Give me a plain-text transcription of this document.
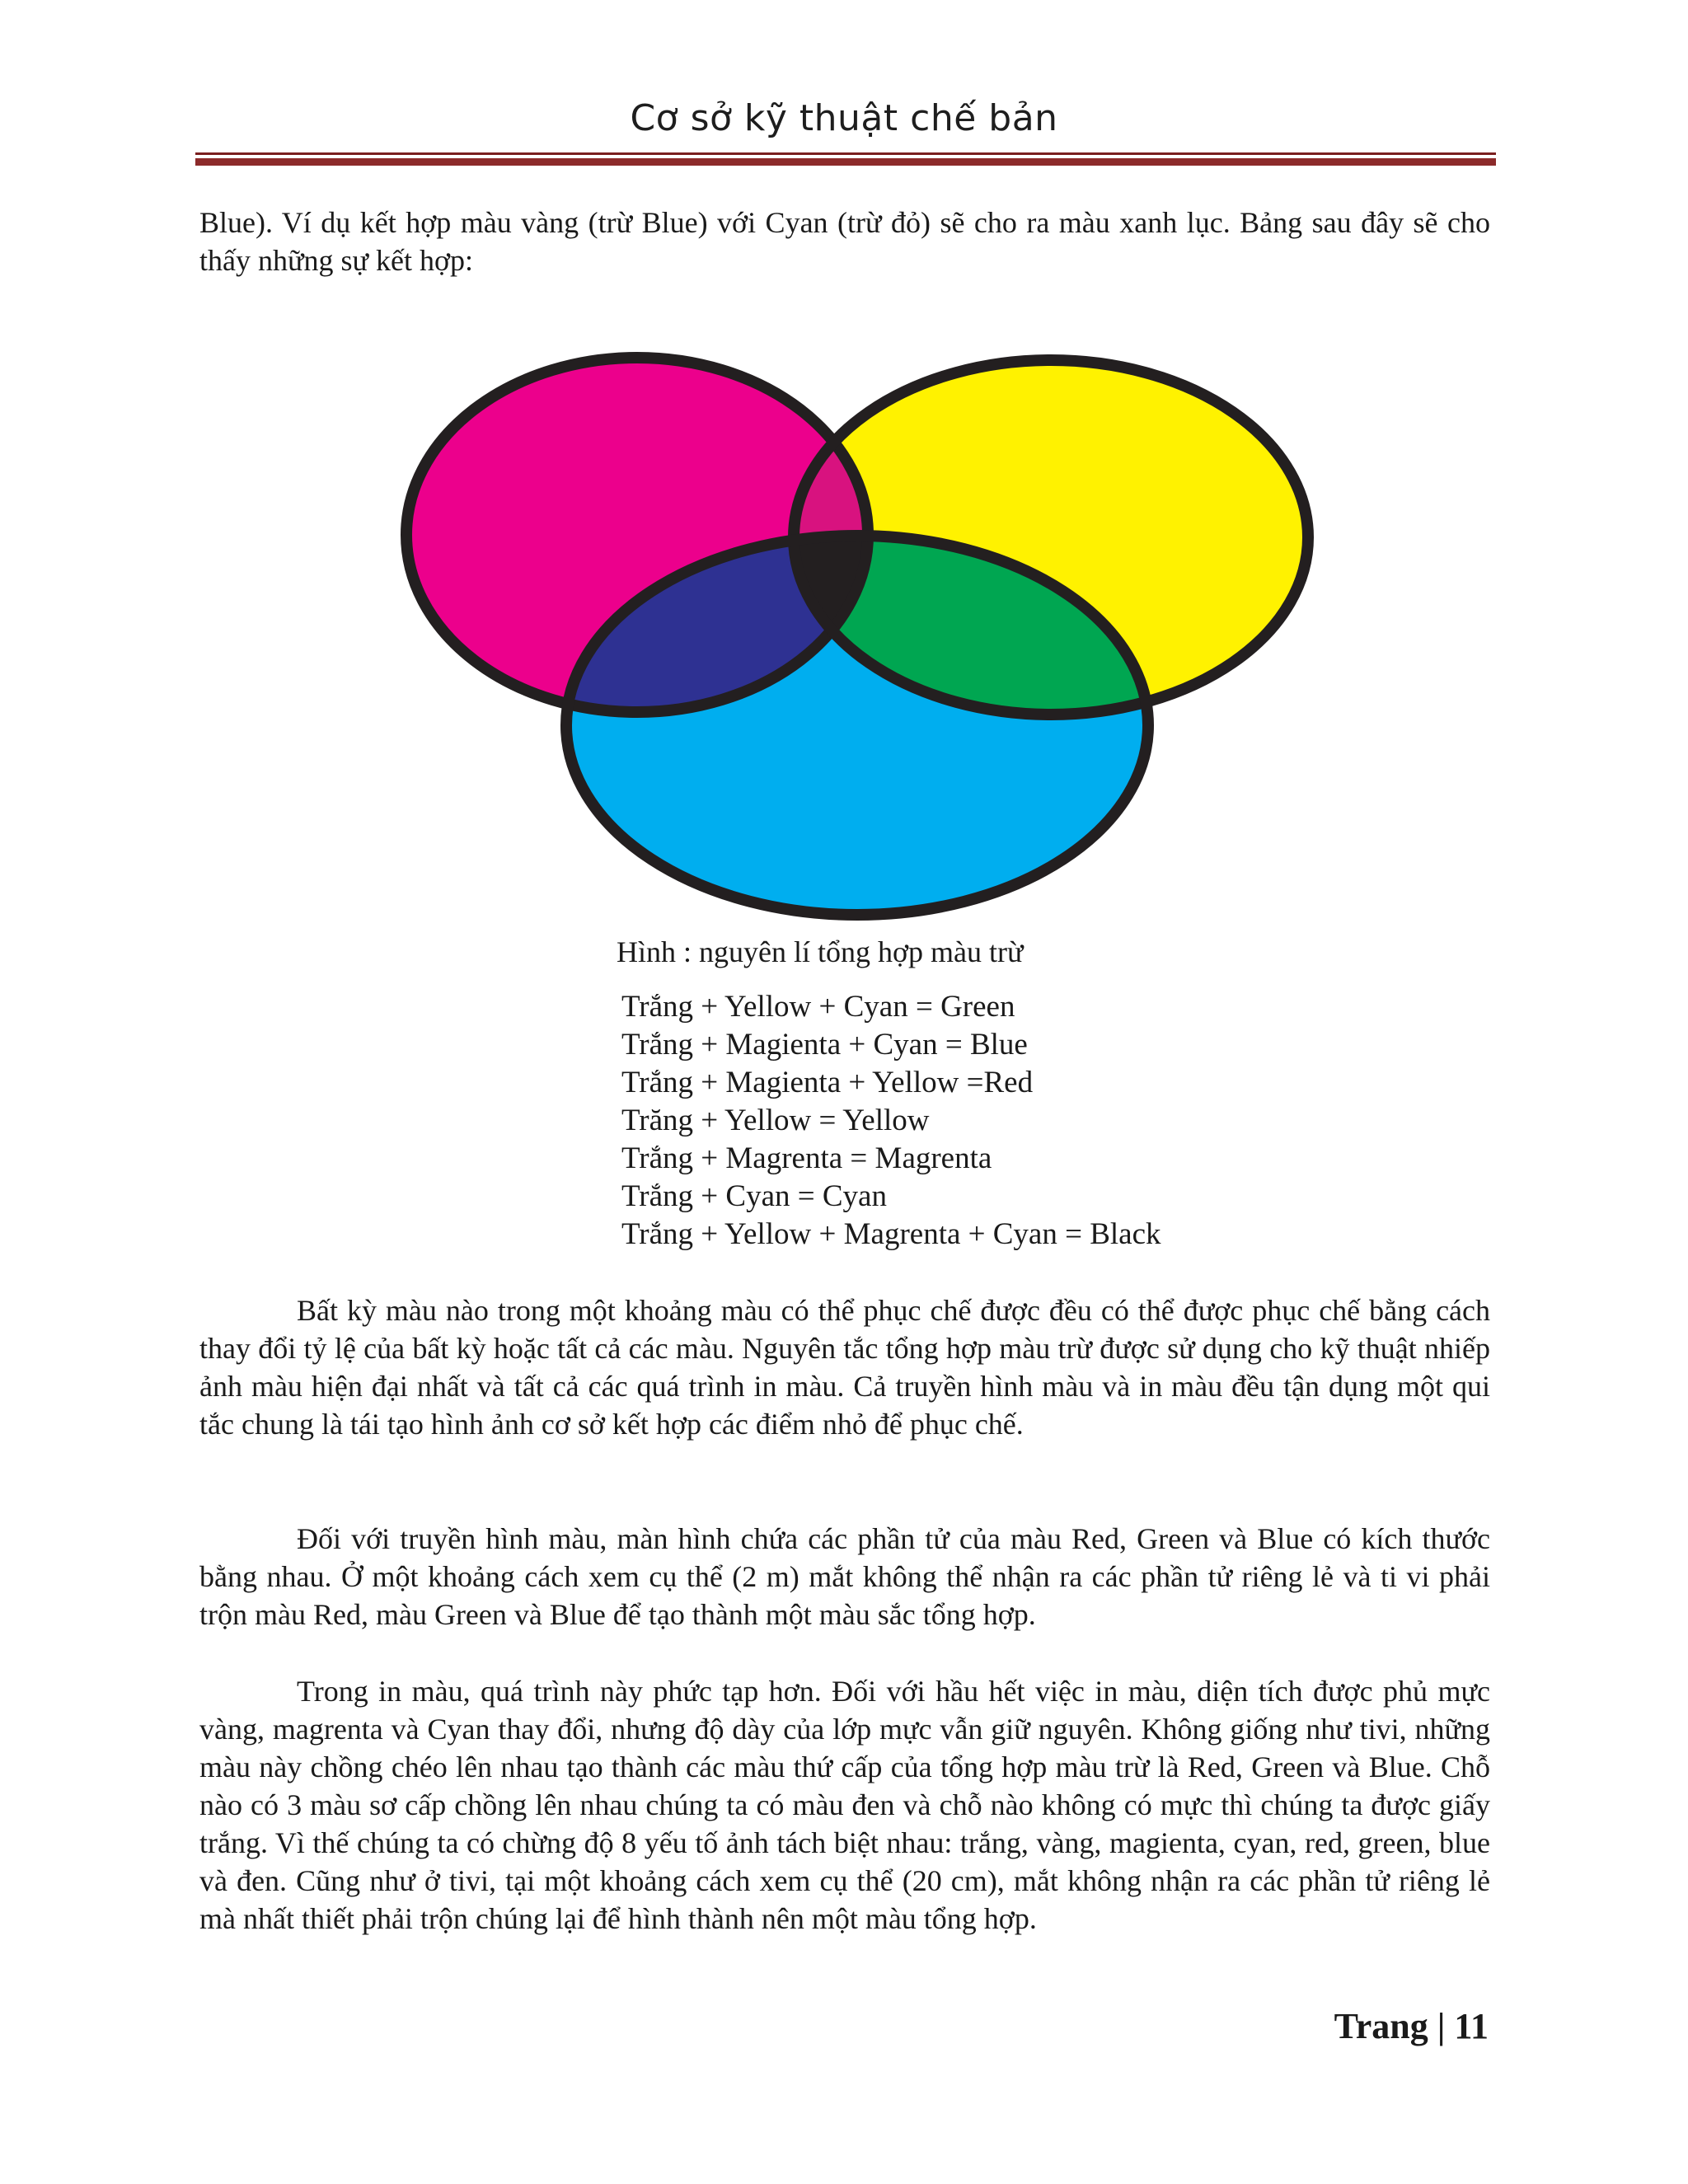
Cơ sở kỹ thuật chế bản

Blue). Ví dụ kết hợp màu vàng (trừ Blue) với Cyan (trừ đỏ) sẽ cho ra màu xanh lục. Bảng sau đây sẽ cho thấy những sự kết hợp:

Hình : nguyên lí tổng hợp màu trừ

Trắng + Yellow + Cyan = Green
Trắng + Magienta + Cyan = Blue
Trắng + Magienta + Yellow =Red
Trăng + Yellow = Yellow
Trắng + Magrenta = Magrenta
Trắng + Cyan = Cyan
Trắng + Yellow + Magrenta + Cyan = Black

Bất kỳ màu nào trong một khoảng màu có thể phục chế được đều có thể được phục chế bằng cách thay đổi tỷ lệ của bất kỳ hoặc tất cả các màu. Nguyên tắc tổng hợp màu trừ được sử dụng cho kỹ thuật nhiếp ảnh màu hiện đại nhất và tất cả các quá trình in màu. Cả truyền hình màu và in màu đều tận dụng một qui tắc chung là tái tạo hình ảnh cơ sở kết hợp các điểm nhỏ để phục chế.

Đối với truyền hình màu, màn hình chứa các phần tử của màu Red, Green và Blue có kích thước bằng nhau. Ở một khoảng cách xem cụ thể (2 m) mắt không thể nhận ra các phần tử riêng lẻ và ti vi phải trộn màu Red, màu Green và Blue để tạo thành một màu sắc tổng hợp.

Trong in màu, quá trình này phức tạp hơn. Đối với hầu hết việc in màu, diện tích được phủ mực vàng, magrenta và Cyan thay đổi, nhưng độ dày của lớp mực vẫn giữ nguyên. Không giống như tivi, những màu này chồng chéo lên nhau tạo thành các màu thứ cấp của tổng hợp màu trừ là Red, Green và Blue. Chỗ nào có 3 màu sơ cấp chồng lên nhau chúng ta có màu đen và chỗ nào không có mực thì chúng ta được giấy trắng. Vì thế chúng ta có chừng độ 8 yếu tố ảnh tách biệt nhau: trắng, vàng, magienta, cyan, red, green, blue và đen. Cũng như ở tivi, tại một khoảng cách xem cụ thể (20 cm), mắt không nhận ra các phần tử riêng lẻ mà nhất thiết phải trộn chúng lại để hình thành nên một màu tổng hợp.

Trang | 11
